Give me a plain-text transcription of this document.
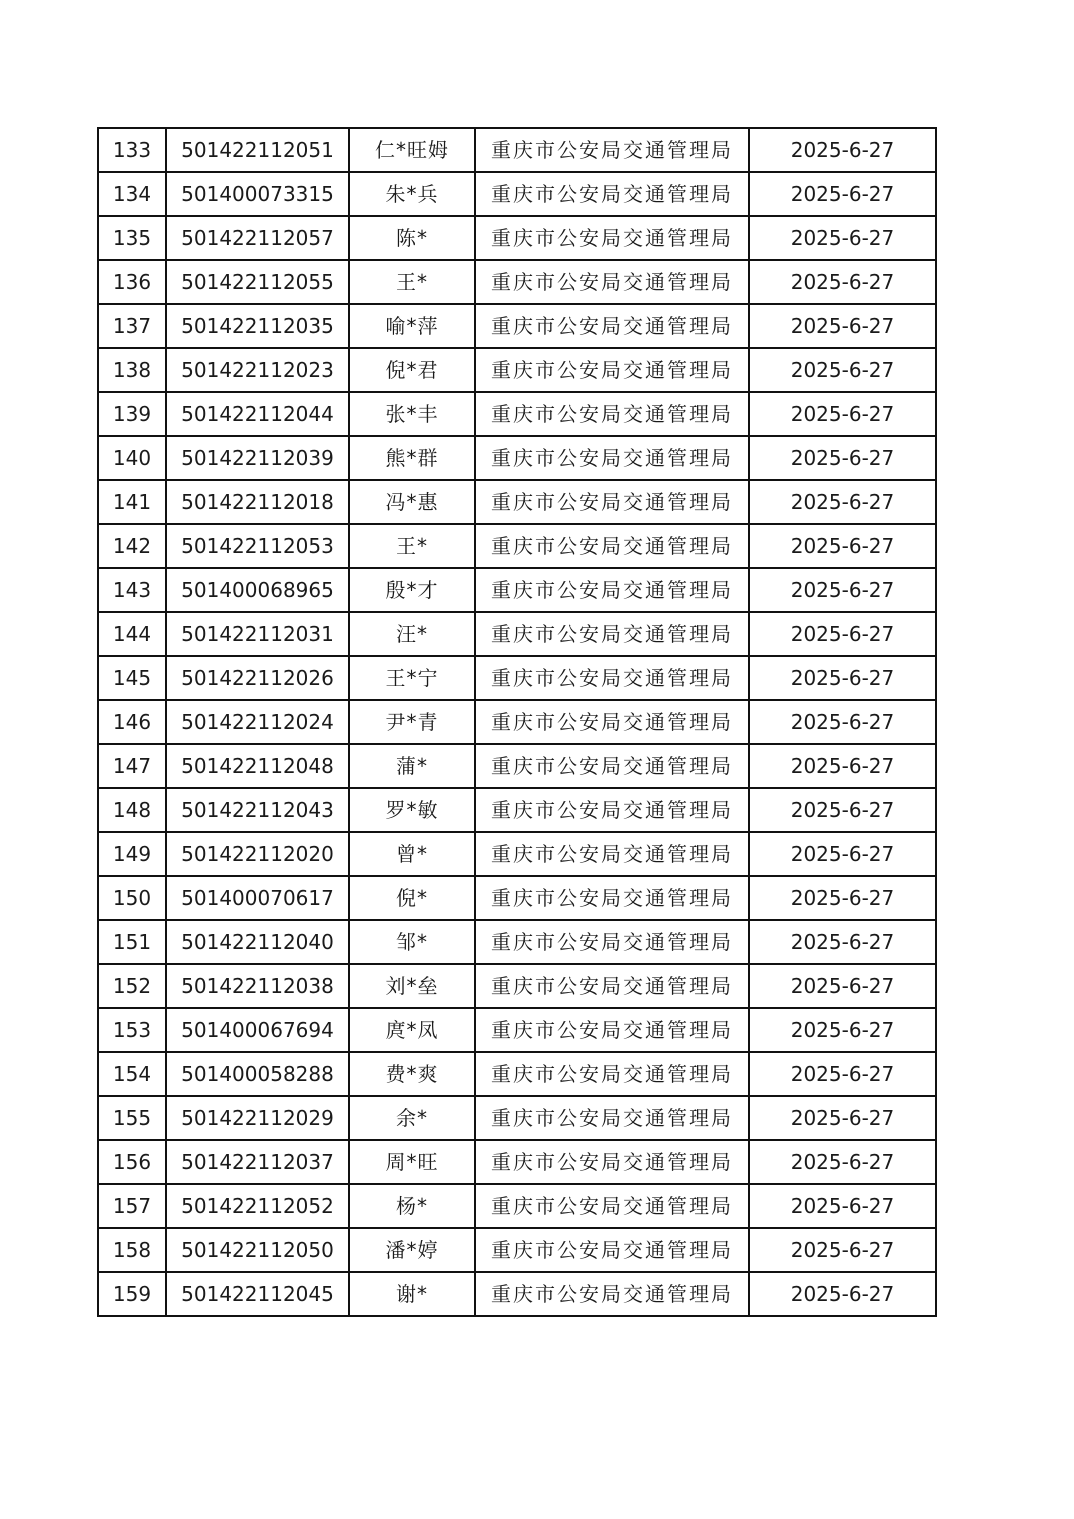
133	501422112051	仁*旺姆	重庆市公安局交通管理局	2025-6-27
134	501400073315	朱*兵	重庆市公安局交通管理局	2025-6-27
135	501422112057	陈*	重庆市公安局交通管理局	2025-6-27
136	501422112055	王*	重庆市公安局交通管理局	2025-6-27
137	501422112035	喻*萍	重庆市公安局交通管理局	2025-6-27
138	501422112023	倪*君	重庆市公安局交通管理局	2025-6-27
139	501422112044	张*丰	重庆市公安局交通管理局	2025-6-27
140	501422112039	熊*群	重庆市公安局交通管理局	2025-6-27
141	501422112018	冯*惠	重庆市公安局交通管理局	2025-6-27
142	501422112053	王*	重庆市公安局交通管理局	2025-6-27
143	501400068965	殷*才	重庆市公安局交通管理局	2025-6-27
144	501422112031	汪*	重庆市公安局交通管理局	2025-6-27
145	501422112026	王*宁	重庆市公安局交通管理局	2025-6-27
146	501422112024	尹*青	重庆市公安局交通管理局	2025-6-27
147	501422112048	蒲*	重庆市公安局交通管理局	2025-6-27
148	501422112043	罗*敏	重庆市公安局交通管理局	2025-6-27
149	501422112020	曾*	重庆市公安局交通管理局	2025-6-27
150	501400070617	倪*	重庆市公安局交通管理局	2025-6-27
151	501422112040	邹*	重庆市公安局交通管理局	2025-6-27
152	501422112038	刘*垒	重庆市公安局交通管理局	2025-6-27
153	501400067694	庹*凤	重庆市公安局交通管理局	2025-6-27
154	501400058288	费*爽	重庆市公安局交通管理局	2025-6-27
155	501422112029	余*	重庆市公安局交通管理局	2025-6-27
156	501422112037	周*旺	重庆市公安局交通管理局	2025-6-27
157	501422112052	杨*	重庆市公安局交通管理局	2025-6-27
158	501422112050	潘*婷	重庆市公安局交通管理局	2025-6-27
159	501422112045	谢*	重庆市公安局交通管理局	2025-6-27
